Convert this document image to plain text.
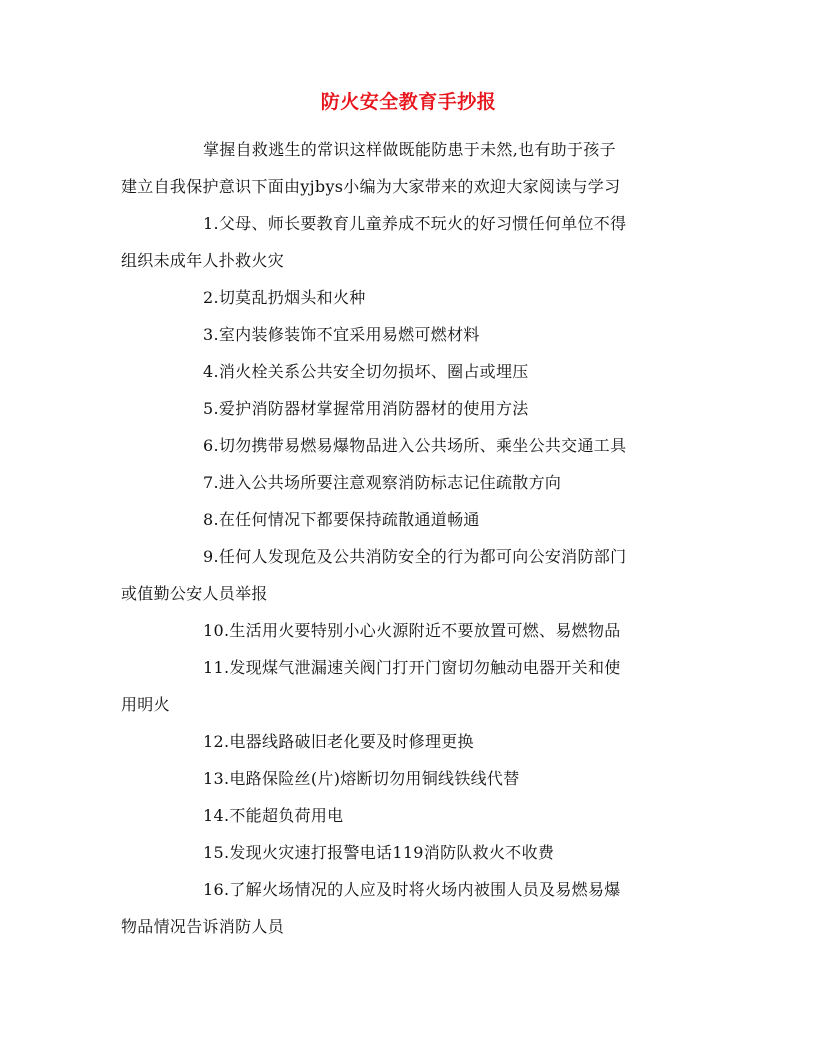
防火安全教育手抄报

掌握自救逃生的常识这样做既能防患于未然,也有助于孩子
建立自我保护意识下面由yjbys小编为大家带来的欢迎大家阅读与学习

1.父母、师长要教育儿童养成不玩火的好习惯任何单位不得
组织未成年人扑救火灾

2.切莫乱扔烟头和火种

3.室内装修装饰不宜采用易燃可燃材料

4.消火栓关系公共安全切勿损坏、圈占或埋压

5.爱护消防器材掌握常用消防器材的使用方法

6.切勿携带易燃易爆物品进入公共场所、乘坐公共交通工具

7.进入公共场所要注意观察消防标志记住疏散方向

8.在任何情况下都要保持疏散通道畅通

9.任何人发现危及公共消防安全的行为都可向公安消防部门
或值勤公安人员举报

10.生活用火要特别小心火源附近不要放置可燃、易燃物品

11.发现煤气泄漏速关阀门打开门窗切勿触动电器开关和使
用明火

12.电器线路破旧老化要及时修理更换

13.电路保险丝(片)熔断切勿用铜线铁线代替

14.不能超负荷用电

15.发现火灾速打报警电话119消防队救火不收费

16.了解火场情况的人应及时将火场内被围人员及易燃易爆
物品情况告诉消防人员
